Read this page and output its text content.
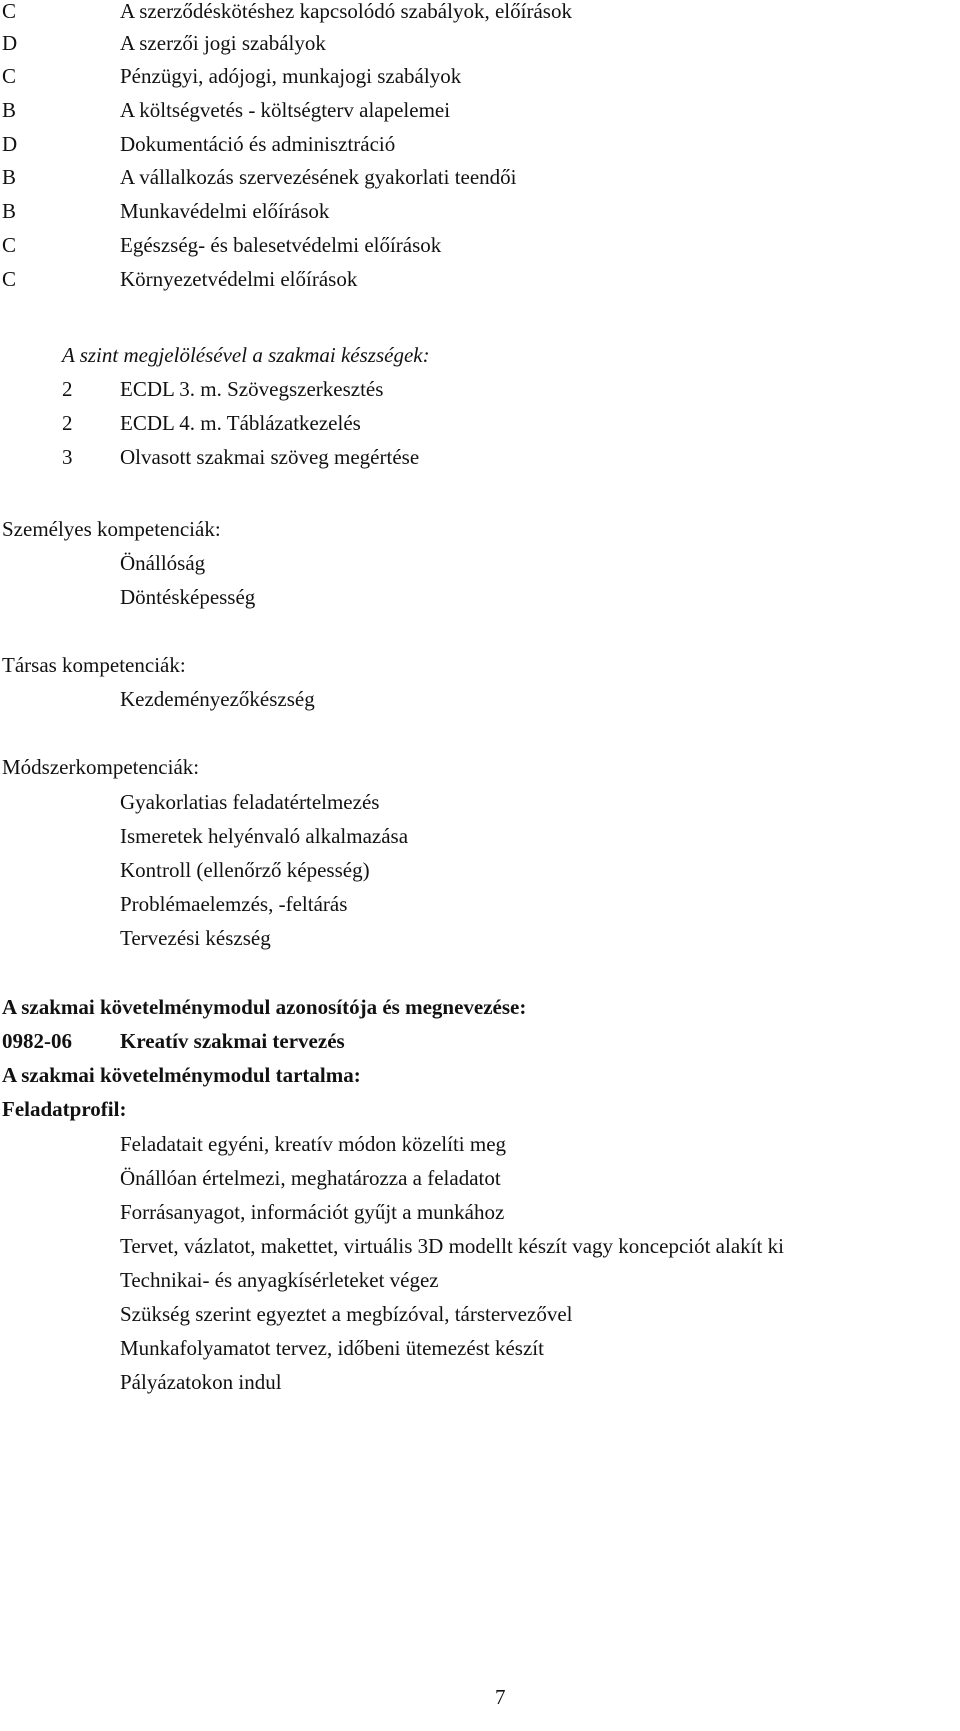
C	A szerződéskötéshez kapcsolódó szabályok, előírások
D	A szerzői jogi szabályok
C	Pénzügyi, adójogi, munkajogi szabályok
B	A költségvetés - költségterv alapelemei
D	Dokumentáció és adminisztráció
B	A vállalkozás szervezésének gyakorlati teendői
B	Munkavédelmi előírások
C	Egészség- és balesetvédelmi előírások
C	Környezetvédelmi előírások
A szint megjelölésével a szakmai készségek:
2	ECDL 3. m. Szövegszerkesztés
2	ECDL 4. m. Táblázatkezelés
3	Olvasott szakmai szöveg megértése
Személyes kompetenciák:
Önállóság
Döntésképesség
Társas kompetenciák:
Kezdeményezőkészség
Módszerkompetenciák:
Gyakorlatias feladatértelmezés
Ismeretek helyénvaló alkalmazása
Kontroll (ellenőrző képesség)
Problémaelemzés, -feltárás
Tervezési készség
A szakmai követelménymodul azonosítója és megnevezése:
0982-06	Kreatív szakmai tervezés
A szakmai követelménymodul tartalma:
Feladatprofil:
Feladatait egyéni, kreatív módon közelíti meg
Önállóan értelmezi, meghatározza a feladatot
Forrásanyagot, információt gyűjt a munkához
Tervet, vázlatot, makettet, virtuális 3D modellt készít vagy koncepciót alakít ki
Technikai- és anyagkísérleteket végez
Szükség szerint egyeztet a megbízóval, társtervezővel
Munkafolyamatot tervez, időbeni ütemezést készít
Pályázatokon indul
7
